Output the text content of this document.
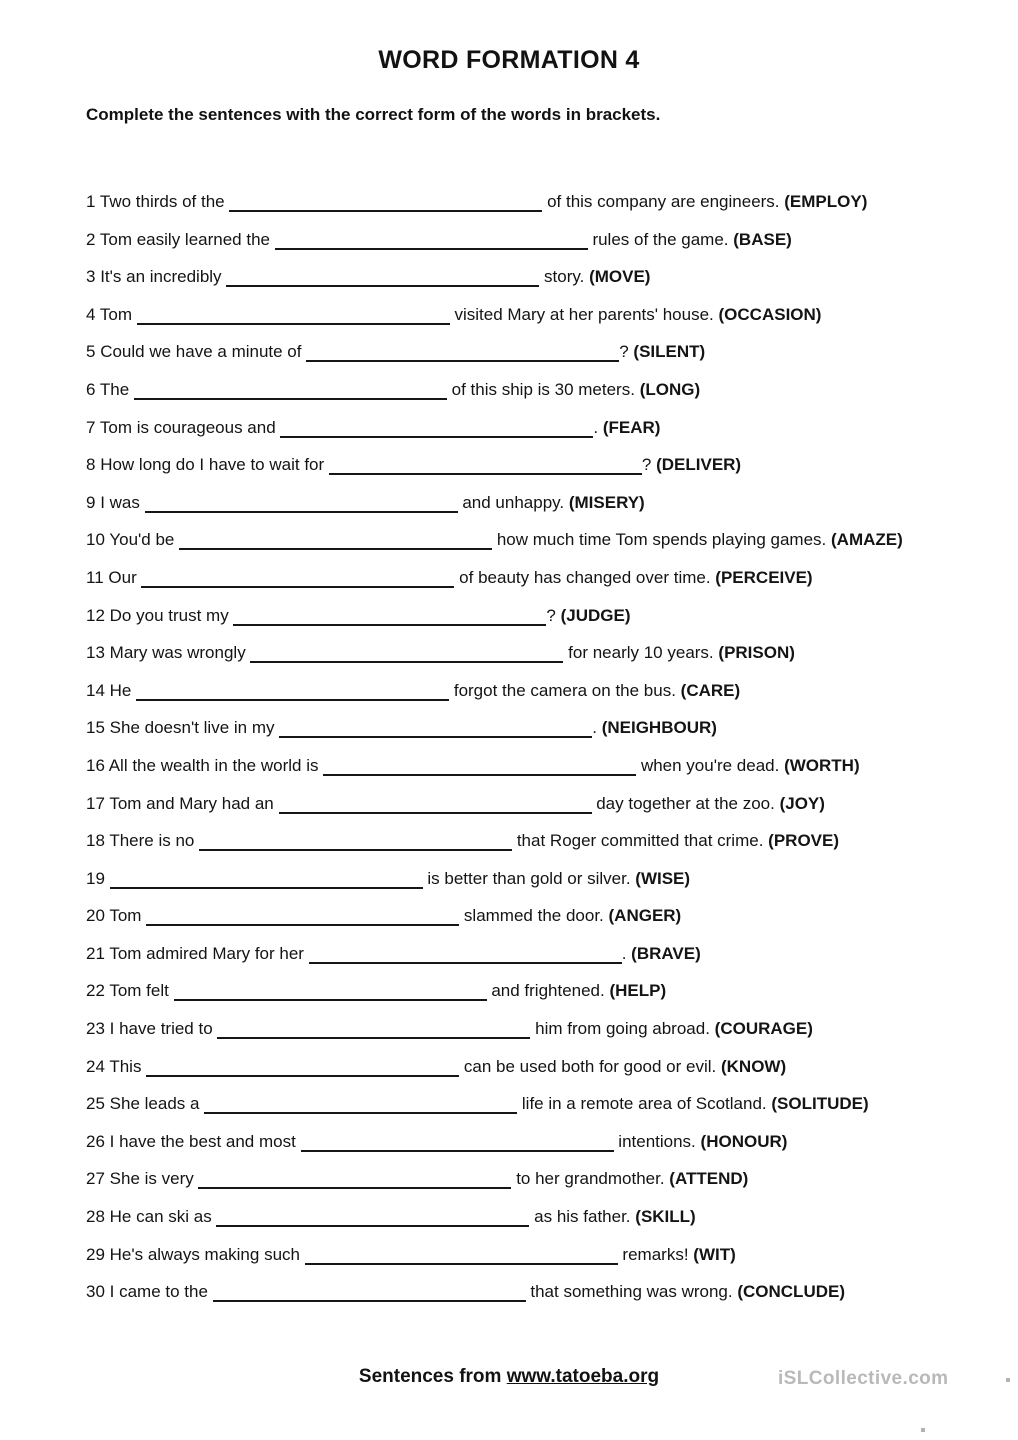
WORD FORMATION 4
Complete the sentences with the correct form of the words in brackets.
1 Two thirds of the	of this company are engineers. (EMPLOY)
2 Tom easily learned the	rules of the game. (BASE)
3 It's an incredibly	story. (MOVE)
4 Tom	visited Mary at her parents' house. (OCCASION)
5 Could we have a minute of	? (SILENT)
6 The	of this ship is 30 meters. (LONG)
7 Tom is courageous and	. (FEAR)
8 How long do I have to wait for	? (DELIVER)
9 I was	and unhappy. (MISERY)
10 You'd be	how much time Tom spends playing games. (AMAZE)
11 Our	of beauty has changed over time. (PERCEIVE)
12 Do you trust my	? (JUDGE)
13 Mary was wrongly	for nearly 10 years. (PRISON)
14 He	forgot the camera on the bus. (CARE)
15 She doesn't live in my	. (NEIGHBOUR)
16 All the wealth in the world is	when you're dead. (WORTH)
17 Tom and Mary had an	day together at the zoo. (JOY)
18 There is no	that Roger committed that crime. (PROVE)
19	is better than gold or silver. (WISE)
20 Tom	slammed the door. (ANGER)
21 Tom admired Mary for her	. (BRAVE)
22 Tom felt	and frightened. (HELP)
23 I have tried to	him from going abroad. (COURAGE)
24 This	can be used both for good or evil. (KNOW)
25 She leads a	life in a remote area of Scotland. (SOLITUDE)
26 I have the best and most	intentions. (HONOUR)
27 She is very	to her grandmother. (ATTEND)
28 He can ski as	as his father. (SKILL)
29 He's always making such	remarks! (WIT)
30 I came to the	that something was wrong. (CONCLUDE)
Sentences from www.tatoeba.org	iSLCollective.com
